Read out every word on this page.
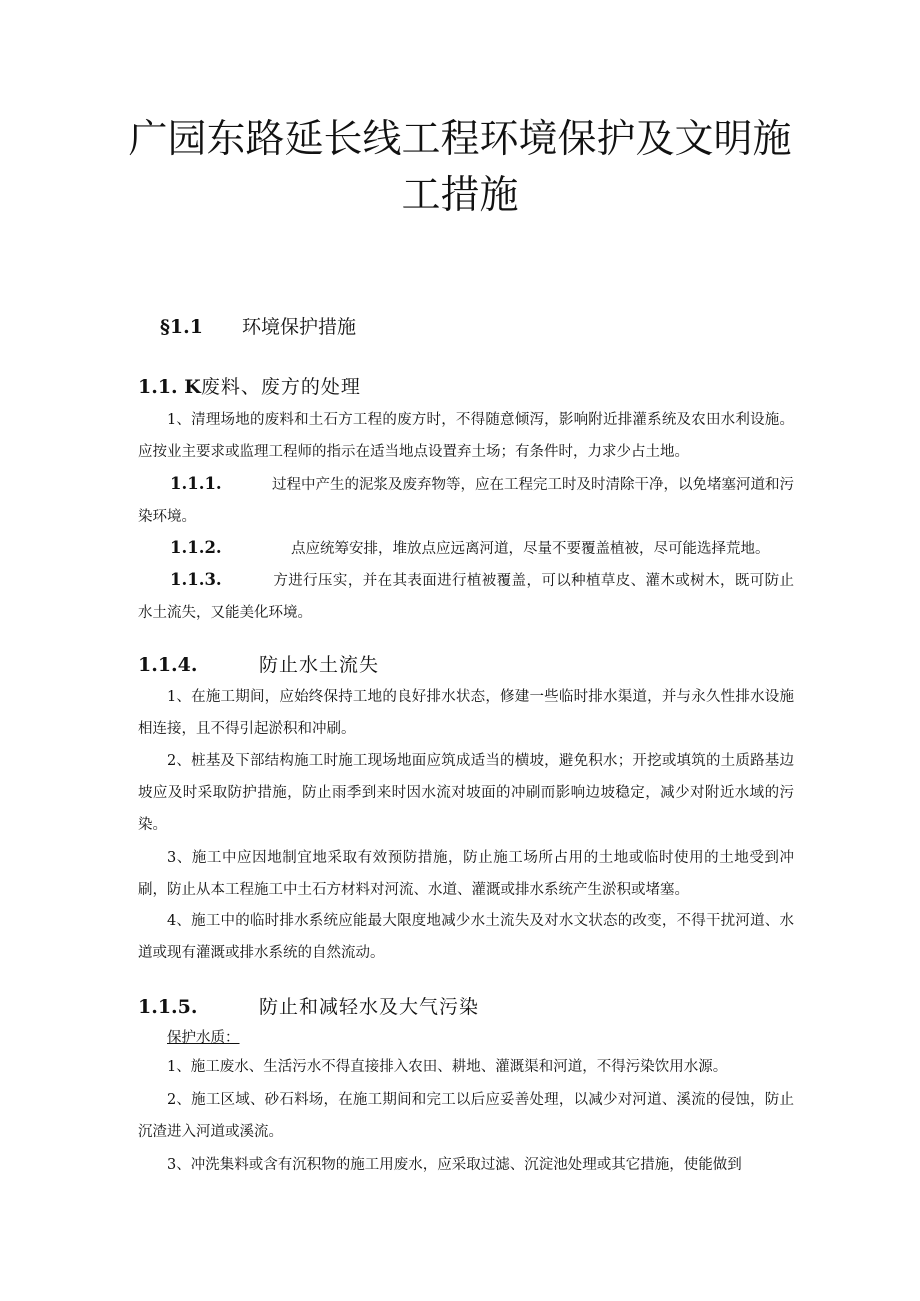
广园东路延长线工程环境保护及文明施
工措施
§1.1 环境保护措施
1.1. K废料、废方的处理
1、清理场地的废料和土石方工程的废方时，不得随意倾泻，影响附近排灌系统及农田水利设施。应按业主要求或监理工程师的指示在适当地点设置弃土场；有条件时，力求少占土地。
1.1.1.	过程中产生的泥浆及废弃物等，应在工程完工时及时清除干净，以免堵塞河道和污染环境。
1.1.2.	点应统筹安排，堆放点应远离河道，尽量不要覆盖植被，尽可能选择荒地。
1.1.3.	方进行压实，并在其表面进行植被覆盖，可以种植草皮、灌木或树木，既可防止水土流失，又能美化环境。
1.1.4.	防止水土流失
1、在施工期间，应始终保持工地的良好排水状态，修建一些临时排水渠道，并与永久性排水设施相连接，且不得引起淤积和冲刷。
2、桩基及下部结构施工时施工现场地面应筑成适当的横坡，避免积水；开挖或填筑的土质路基边坡应及时采取防护措施，防止雨季到来时因水流对坡面的冲刷而影响边坡稳定，减少对附近水域的污染。
3、施工中应因地制宜地采取有效预防措施，防止施工场所占用的土地或临时使用的土地受到冲刷，防止从本工程施工中土石方材料对河流、水道、灌溉或排水系统产生淤积或堵塞。
4、施工中的临时排水系统应能最大限度地减少水土流失及对水文状态的改变，不得干扰河道、水道或现有灌溉或排水系统的自然流动。
1.1.5.	防止和减轻水及大气污染
保护水质：
1、施工废水、生活污水不得直接排入农田、耕地、灌溉渠和河道，不得污染饮用水源。
2、施工区域、砂石料场，在施工期间和完工以后应妥善处理，以减少对河道、溪流的侵蚀，防止沉渣进入河道或溪流。
3、冲洗集料或含有沉积物的施工用废水，应采取过滤、沉淀池处理或其它措施，使能做到
